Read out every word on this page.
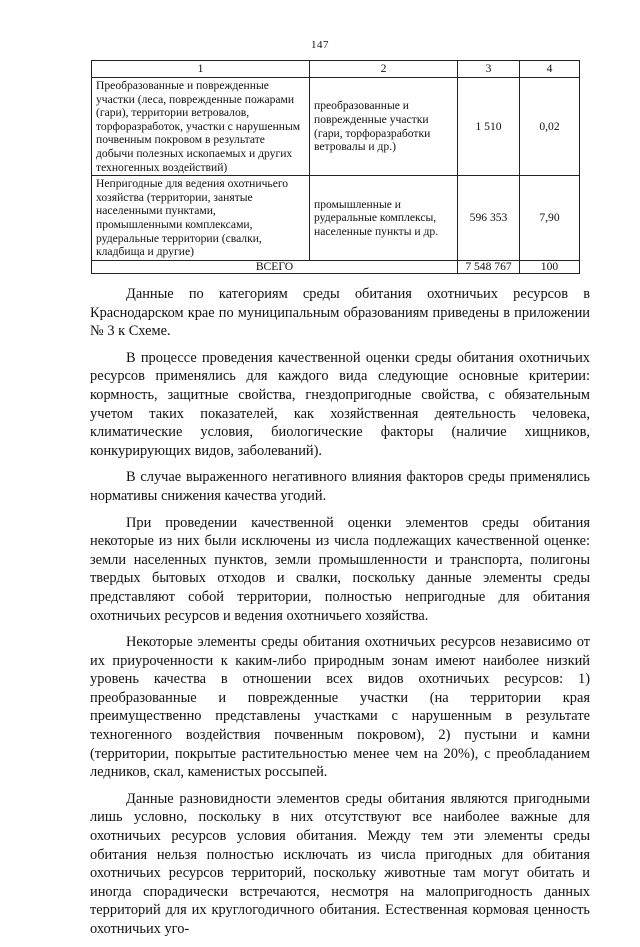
147
1	2	3	4
Преобразованные и поврежденные участки (леса, поврежденные пожарами (гари), территории ветровалов, торфоразработок, участки с нарушенным почвенным покровом в результате добычи полезных ископаемых и других техногенных воздействий)	преобразованные и поврежденные участки (гари, торфоразработки ветровалы и др.)	1 510	0,02
Непригодные для ведения охотничьего хозяйства (территории, занятые населенными пунктами, промышленными комплексами, рудеральные территории (свалки, кладбища и другие)	промышленные и рудеральные комплексы, населенные пункты и др.	596 353	7,90
ВСЕГО		7 548 767	100

Данные по категориям среды обитания охотничьих ресурсов в Краснодарском крае по муниципальным образованиям приведены в приложении № 3 к Схеме.

В процессе проведения качественной оценки среды обитания охотничьих ресурсов применялись для каждого вида следующие основные критерии: кормность, защитные свойства, гнездопригодные свойства, с обязательным учетом таких показателей, как хозяйственная деятельность человека, климатические условия, биологические факторы (наличие хищников, конкурирующих видов, заболеваний).

В случае выраженного негативного влияния факторов среды применялись нормативы снижения качества угодий.

При проведении качественной оценки элементов среды обитания некоторые из них были исключены из числа подлежащих качественной оценке: земли населенных пунктов, земли промышленности и транспорта, полигоны твердых бытовых отходов и свалки, поскольку данные элементы среды представляют собой территории, полностью непригодные для обитания охотничьих ресурсов и ведения охотничьего хозяйства.

Некоторые элементы среды обитания охотничьих ресурсов независимо от их приуроченности к каким-либо природным зонам имеют наиболее низкий уровень качества в отношении всех видов охотничьих ресурсов: 1) преобразованные и поврежденные участки (на территории края преимущественно представлены участками с нарушенным в результате техногенного воздействия почвенным покровом), 2) пустыни и камни (территории, покрытые растительностью менее чем на 20%), с преобладанием ледников, скал, каменистых россыпей.

Данные разновидности элементов среды обитания являются пригодными лишь условно, поскольку в них отсутствуют все наиболее важные для охотничьих ресурсов условия обитания. Между тем эти элементы среды обитания нельзя полностью исключать из числа пригодных для обитания охотничьих ресурсов территорий, поскольку животные там могут обитать и иногда спорадически встречаются, несмотря на малопригодность данных территорий для их круглогодичного обитания. Естественная кормовая ценность охотничьих уго-
